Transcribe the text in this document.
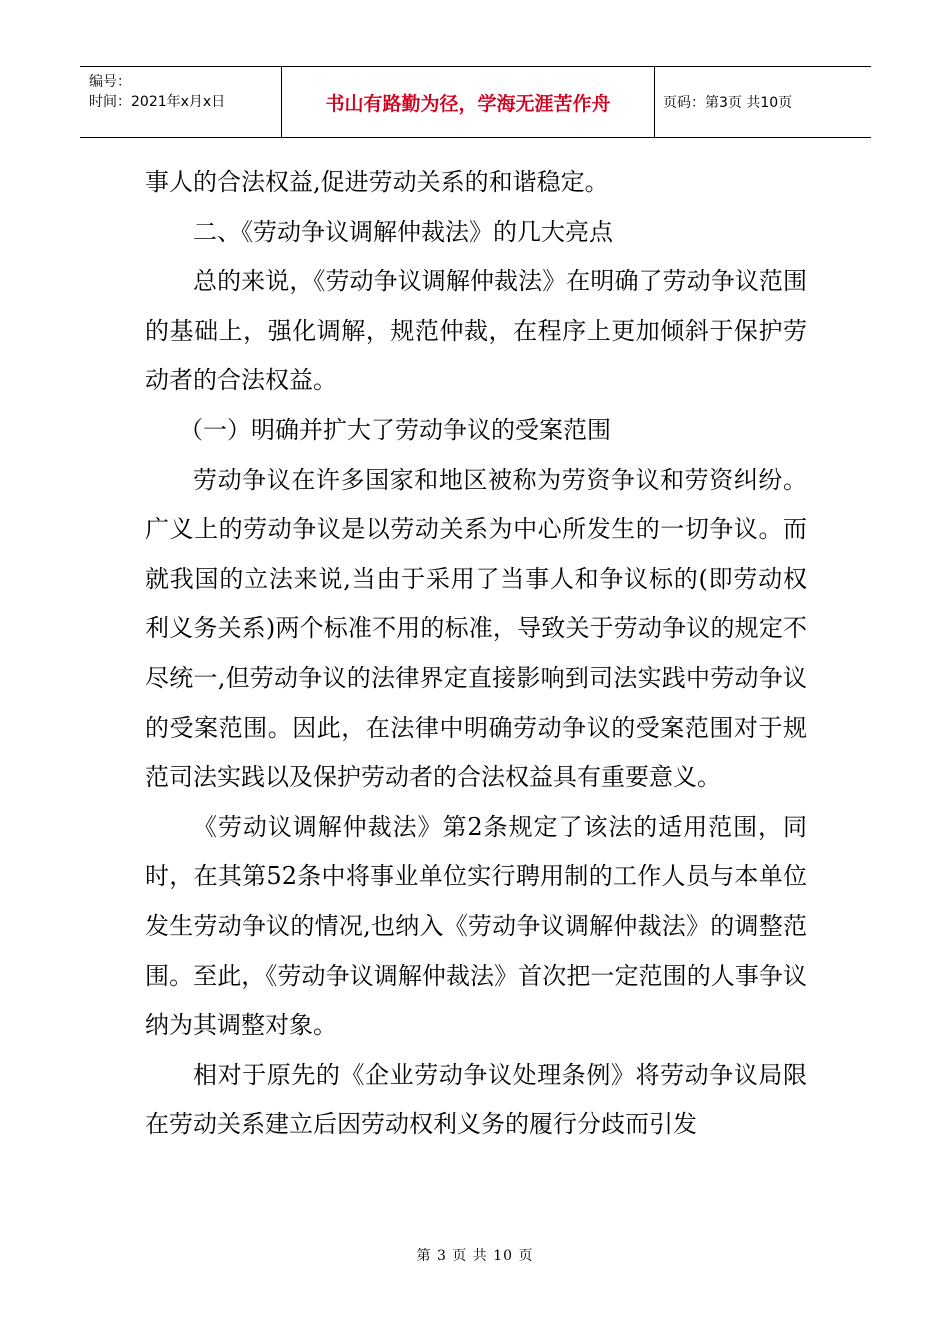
编号：
时间：2021年x月x日	书山有路勤为径，学海无涯苦作舟	页码：第3页 共10页

事人的合法权益,促进劳动关系的和谐稳定。

二、《劳动争议调解仲裁法》的几大亮点

总的来说，《劳动争议调解仲裁法》在明确了劳动争议范围的基础上，强化调解，规范仲裁，在程序上更加倾斜于保护劳动者的合法权益。

（一）明确并扩大了劳动争议的受案范围

劳动争议在许多国家和地区被称为劳资争议和劳资纠纷。广义上的劳动争议是以劳动关系为中心所发生的一切争议。而就我国的立法来说,当由于采用了当事人和争议标的(即劳动权利义务关系)两个标准不用的标准，导致关于劳动争议的规定不尽统一,但劳动争议的法律界定直接影响到司法实践中劳动争议的受案范围。因此，在法律中明确劳动争议的受案范围对于规范司法实践以及保护劳动者的合法权益具有重要意义。

《劳动议调解仲裁法》第2条规定了该法的适用范围，同时，在其第52条中将事业单位实行聘用制的工作人员与本单位发生劳动争议的情况,也纳入《劳动争议调解仲裁法》的调整范围。至此，《劳动争议调解仲裁法》首次把一定范围的人事争议纳为其调整对象。

相对于原先的《企业劳动争议处理条例》将劳动争议局限在劳动关系建立后因劳动权利义务的履行分歧而引发

第 3 页 共 10 页
